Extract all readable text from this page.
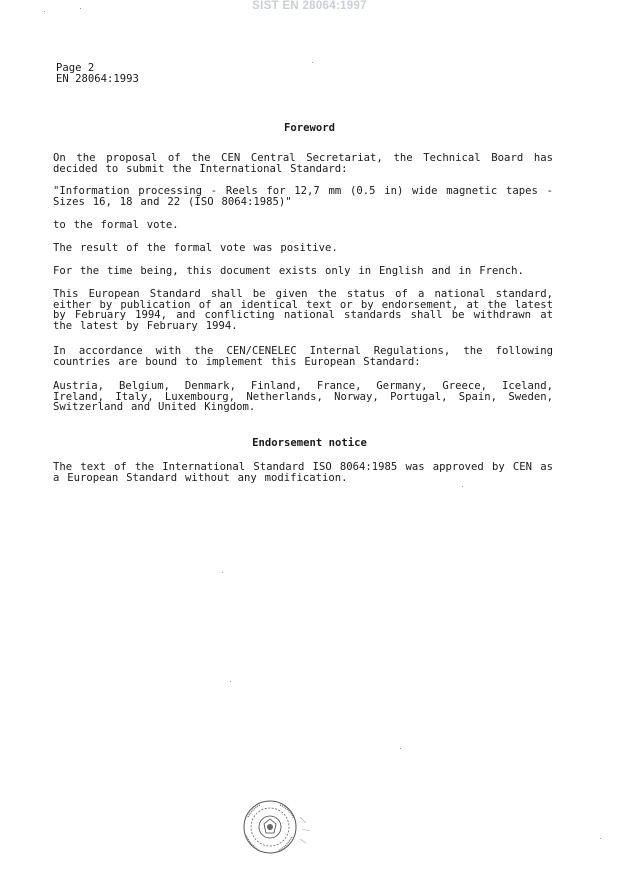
SIST EN 28064:1997
Page 2
EN 28064:1993
Foreword
On the proposal of the CEN Central Secretariat, the Technical Board has decided to submit the International Standard:
"Information processing - Reels for 12,7 mm (0.5 in) wide magnetic tapes - Sizes 16, 18 and 22 (ISO 8064:1985)"
to the formal vote.
The result of the formal vote was positive.
For the time being, this document exists only in English and in French.
This European Standard shall be given the status of a national standard, either by publication of an identical text or by endorsement, at the latest by February 1994, and conflicting national standards shall be withdrawn at the latest by February 1994.
In accordance with the CEN/CENELEC Internal Regulations, the following countries are bound to implement this European Standard:
Austria, Belgium, Denmark, Finland, France, Germany, Greece, Iceland, Ireland, Italy, Luxembourg, Netherlands, Norway, Portugal, Spain, Sweden, Switzerland and United Kingdom.
Endorsement notice
The text of the International Standard ISO 8064:1985 was approved by CEN as a European Standard without any modification.
